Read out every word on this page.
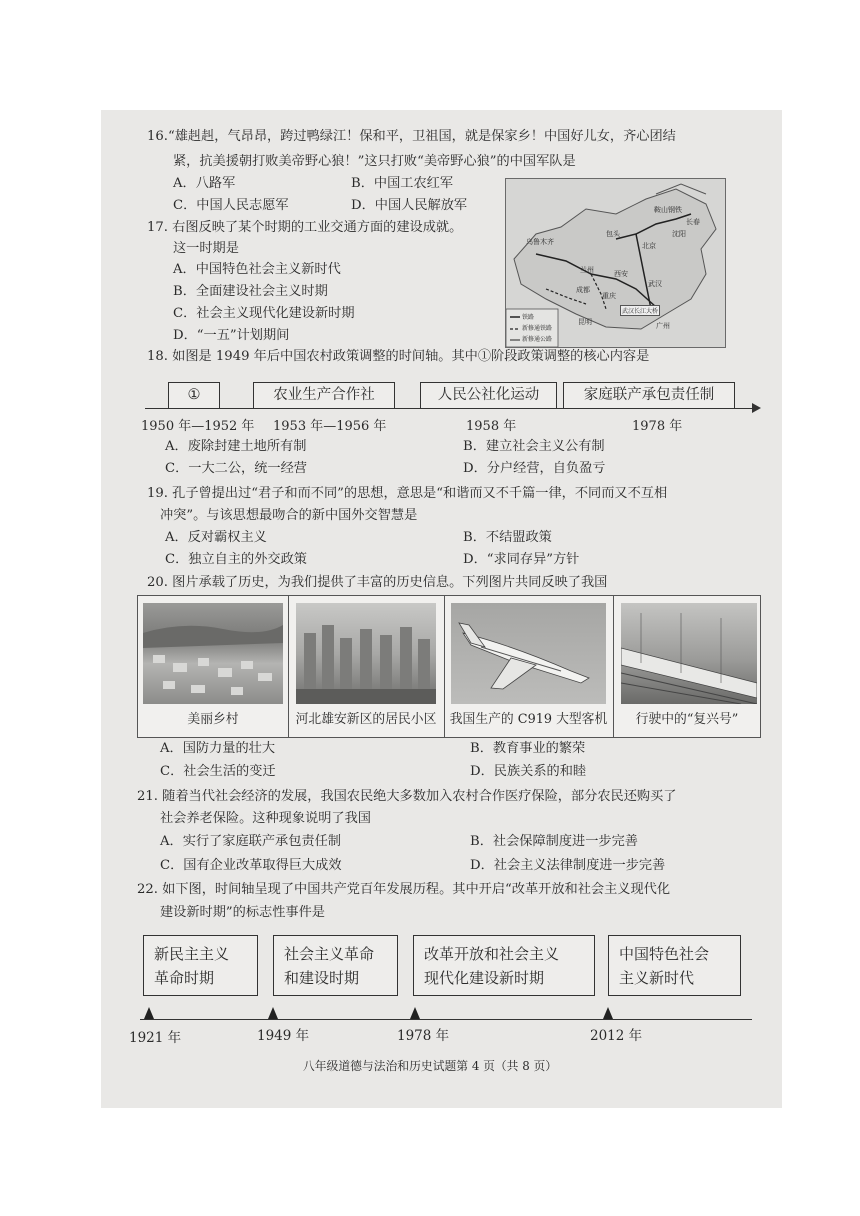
16.“雄赳赳，气昂昂，跨过鸭绿江！保和平，卫祖国，就是保家乡！中国好儿女，齐心团结
紧，抗美援朝打败美帝野心狼！”这只打败“美帝野心狼”的中国军队是
A．八路军	B．中国工农红军
C．中国人民志愿军	D．中国人民解放军
17. 右图反映了某个时期的工业交通方面的建设成就。
这一时期是
A．中国特色社会主义新时代
B．全面建设社会主义时期
C．社会主义现代化建设新时期
D．“一五”计划期间
铁路
新修通铁路
新修通公路
鞍山钢铁
长春
沈阳
北京
包头
乌鲁木齐
兰州	西安
武汉
重庆
成都
武汉长江大桥
昆明	广州
18. 如图是 1949 年后中国农村政策调整的时间轴。其中①阶段政策调整的核心内容是
①	农业生产合作社	人民公社化运动	家庭联产承包责任制
1950 年—1952 年 1953 年—1956 年	1958 年	1978 年
A．废除封建土地所有制	B．建立社会主义公有制
C．一大二公，统一经营	D．分户经营，自负盈亏
19. 孔子曾提出过“君子和而不同”的思想，意思是“和谐而又不千篇一律，不同而又不互相
冲突”。与该思想最吻合的新中国外交智慧是
A．反对霸权主义	B．不结盟政策
C．独立自主的外交政策	D．“求同存异”方针
20. 图片承载了历史，为我们提供了丰富的历史信息。下列图片共同反映了我国
美丽乡村	河北雄安新区的居民小区	我国生产的 C919 大型客机	行驶中的“复兴号”
A．国防力量的壮大	B．教育事业的繁荣
C．社会生活的变迁	D．民族关系的和睦
21. 随着当代社会经济的发展，我国农民绝大多数加入农村合作医疗保险，部分农民还购买了
社会养老保险。这种现象说明了我国
A．实行了家庭联产承包责任制	B．社会保障制度进一步完善
C．国有企业改革取得巨大成效	D．社会主义法律制度进一步完善
22. 如下图，时间轴呈现了中国共产党百年发展历程。其中开启“改革开放和社会主义现代化
建设新时期”的标志性事件是
新民主主义
革命时期
社会主义革命
和建设时期
改革开放和社会主义
现代化建设新时期
中国特色社会
主义新时代
1921 年	1949 年	1978 年	2012 年
八年级道德与法治和历史试题第 4 页（共 8 页）
